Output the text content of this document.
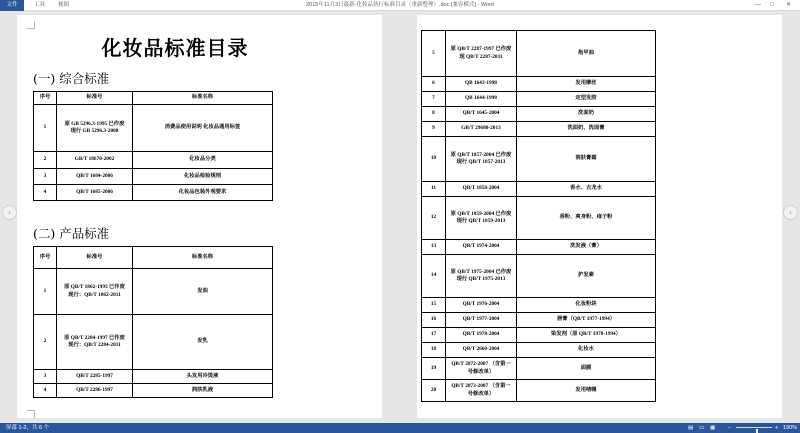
文件	工具 视图	2015年11月3日最新-化妆品执行标准目录（重新整理）.doc [兼容模式] - Word	— □ ✕
化妆品标准目录
(一) 综合标准
序号	标准号	标准名称
1	原 GB 5296.3-1995 已作废
现行 GB 5296.3-2008	消费品使用说明 化妆品通用标签
2	GB/T 18670-2002	化妆品分类
3	QB/T 1684-2006	化妆品检验规则
4	QB/T 1685-2006	化妆品包装外观要求
(二) 产品标准
序号	标准号	标准名称
1	原 QB/T 1862-1993 已作废
现行：QB/T 1862-2011	发油
2	原 QB/T 2284-1997 已作废
现行：QB/T 2284-2011	发乳
3	QB/T 2285-1997	头发用冷烫液
4	QB/T 2286-1997	润肤乳液
5	原 QB/T 2287-1997 已作废
现 QB/T 2287-2011	指甲油
6	QB 1643-1998	发用摩丝
7	QB 1644-1998	定型发胶
8	QB/T 1645-2004	洗面奶
9	GB/T 29680-2013	洗面奶、洗面膏
10	原 QB/T 1857-2004 已作废
现行 QB/T 1857-2013	润肤膏霜
11	QB/T 1858-2004	香水、古龙水
12	原 QB/T 1859-2004 已作废
现行 QB/T 1859-2013	香粉、爽身粉、痱子粉
13	QB/T 1974-2004	洗发液（膏）
14	原 QB/T 1975-2004 已作废
现行 QB/T 1975-2013	护发素
15	QB/T 1976-2004	化妆粉块
16	QB/T 1977-2004	唇膏（QB/T 1977-1994）
17	QB/T 1978-2004	染发剂（原 QB/T 1978-1994）
18	QB/T 2660-2004	化妆水
19	QB/T 2872-2007 （含第一
号修改单）	面膜
20	QB/T 2873-2007 （含第一
号修改单）	发用啫喱
‹	›
屏幕 1-2，共 6 个	▤ ▭ ▦ −	+ 190%
